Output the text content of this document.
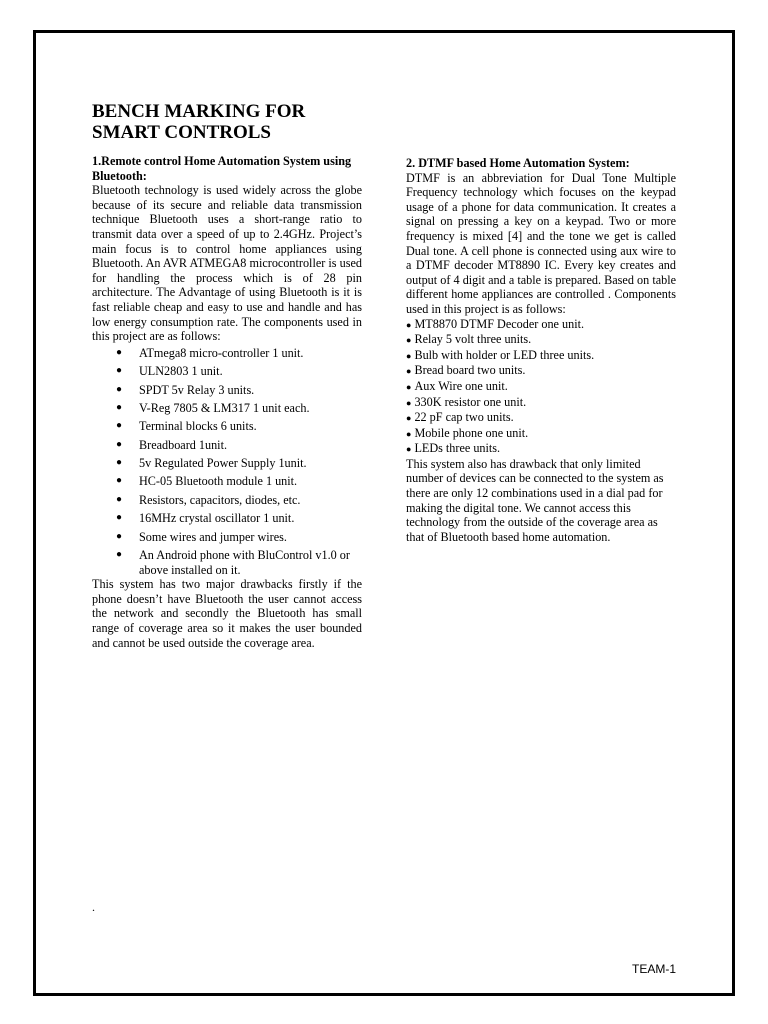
BENCH MARKING FOR
SMART CONTROLS

1.Remote control Home Automation System using Bluetooth:

Bluetooth technology is used widely across the globe because of its secure and reliable data transmission technique Bluetooth uses a short-range ratio to transmit data over a speed of up to 2.4GHz. Project’s main focus is to control home appliances using Bluetooth. An AVR ATMEGA8 microcontroller is used for handling the process which is of 28 pin architecture. The Advantage of using Bluetooth is it is fast reliable cheap and easy to use and handle and has low energy consumption rate. The components used in this project are as follows:

● ATmega8 micro-controller 1 unit.
● ULN2803 1 unit.
● SPDT 5v Relay 3 units.
● V-Reg 7805 & LM317 1 unit each.
● Terminal blocks 6 units.
● Breadboard 1unit.
● 5v Regulated Power Supply 1unit.
● HC-05 Bluetooth module 1 unit.
● Resistors, capacitors, diodes, etc.
● 16MHz crystal oscillator 1 unit.
● Some wires and jumper wires.
● An Android phone with BluControl v1.0 or above installed on it.

This system has two major drawbacks firstly if the phone doesn’t have Bluetooth the user cannot access the network and secondly the Bluetooth has small range of coverage area so it makes the user bounded and cannot be used outside the coverage area.

2. DTMF based Home Automation System:

DTMF is an abbreviation for Dual Tone Multiple Frequency technology which focuses on the keypad usage of a phone for data communication. It creates a signal on pressing a key on a keypad. Two or more frequency is mixed [4] and the tone we get is called Dual tone. A cell phone is connected using aux wire to a DTMF decoder MT8890 IC. Every key creates and output of 4 digit and a table is prepared. Based on table different home appliances are controlled . Components used in this project is as follows:

● MT8870 DTMF Decoder one unit.
● Relay 5 volt three units.
● Bulb with holder or LED three units.
● Bread board two units.
● Aux Wire one unit.
● 330K resistor one unit.
● 22 pF cap two units.
● Mobile phone one unit.
● LEDs three units.

This system also has drawback that only limited number of devices can be connected to the system as there are only 12 combinations used in a dial pad for making the digital tone. We cannot access this technology from the outside of the coverage area as that of Bluetooth based home automation.

.
TEAM-1
